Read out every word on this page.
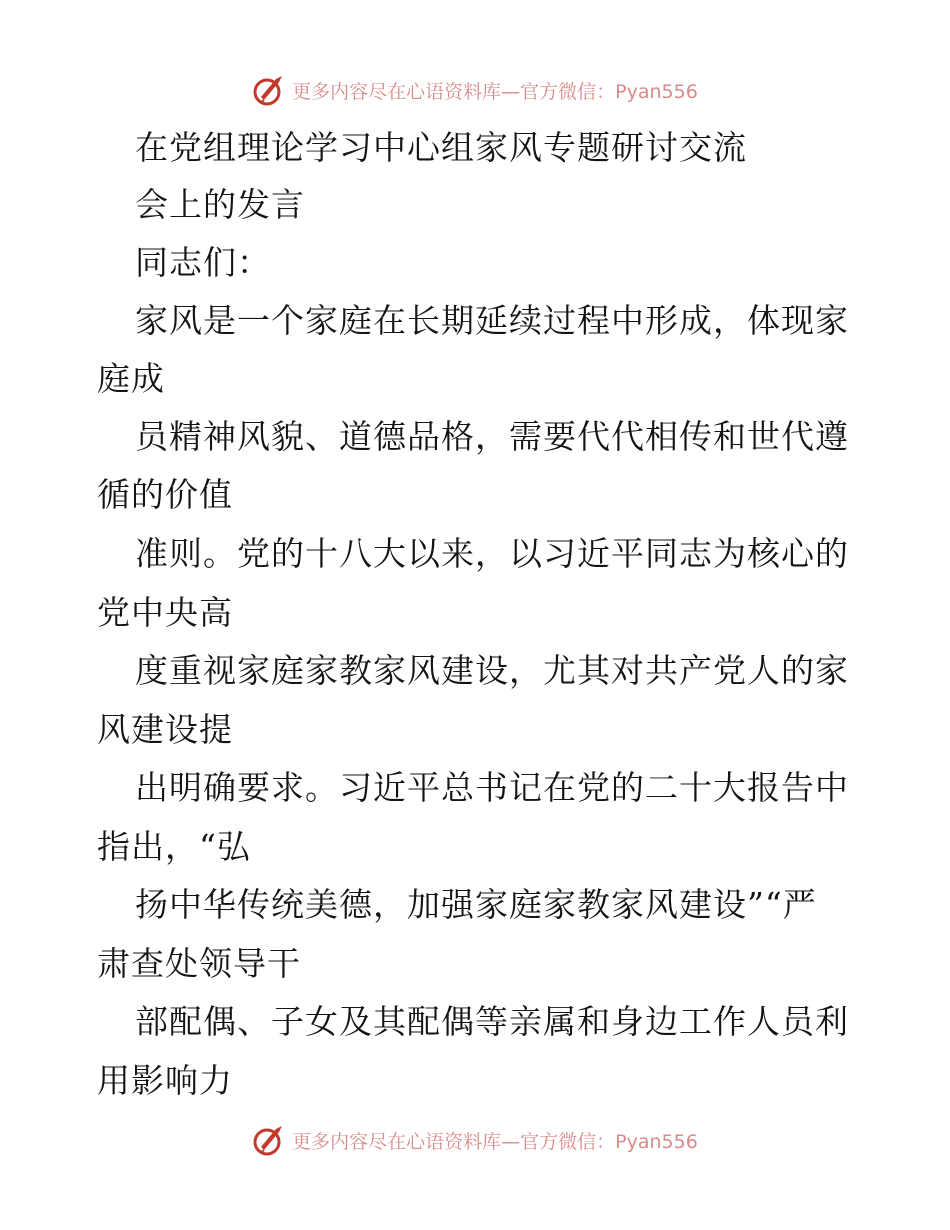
更多内容尽在心语资料库—官方微信：Pyan556
在党组理论学习中心组家风专题研讨交流
会上的发言
同志们：
家风是一个家庭在长期延续过程中形成，体现家
庭成
员精神风貌、道德品格，需要代代相传和世代遵
循的价值
准则。党的十八大以来，以习近平同志为核心的
党中央高
度重视家庭家教家风建设，尤其对共产党人的家
风建设提
出明确要求。习近平总书记在党的二十大报告中
指出，“弘
扬中华传统美德，加强家庭家教家风建设”“严
肃查处领导干
部配偶、子女及其配偶等亲属和身边工作人员利
用影响力
更多内容尽在心语资料库—官方微信：Pyan556
